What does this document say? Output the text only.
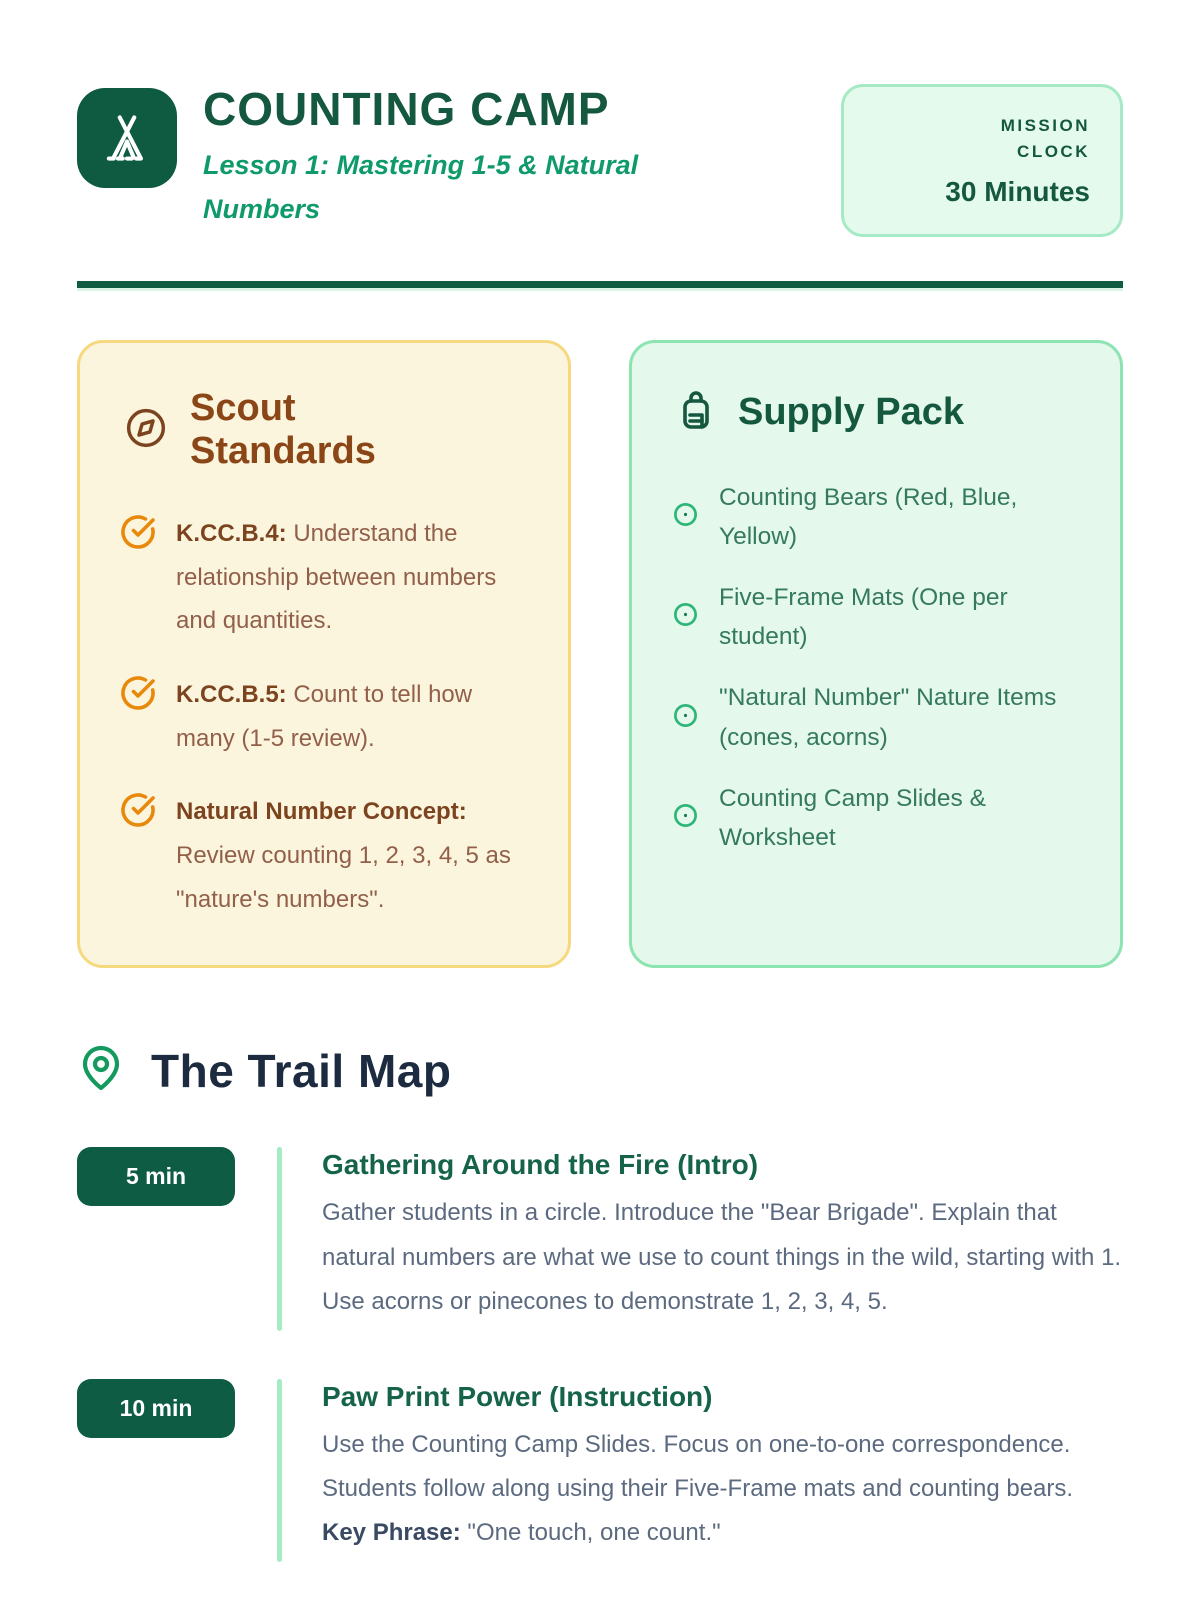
COUNTING CAMP
Lesson 1: Mastering 1-5 & Natural Numbers
MISSION CLOCK
30 Minutes
Scout Standards
K.CC.B.4: Understand the relationship between numbers and quantities.
K.CC.B.5: Count to tell how many (1-5 review).
Natural Number Concept: Review counting 1, 2, 3, 4, 5 as "nature's numbers".
Supply Pack
Counting Bears (Red, Blue, Yellow)
Five-Frame Mats (One per student)
"Natural Number" Nature Items (cones, acorns)
Counting Camp Slides & Worksheet
The Trail Map
5 min	Gathering Around the Fire (Intro)
Gather students in a circle. Introduce the "Bear Brigade". Explain that natural numbers are what we use to count things in the wild, starting with 1. Use acorns or pinecones to demonstrate 1, 2, 3, 4, 5.
10 min	Paw Print Power (Instruction)
Use the Counting Camp Slides. Focus on one-to-one correspondence. Students follow along using their Five-Frame mats and counting bears. Key Phrase: "One touch, one count."
